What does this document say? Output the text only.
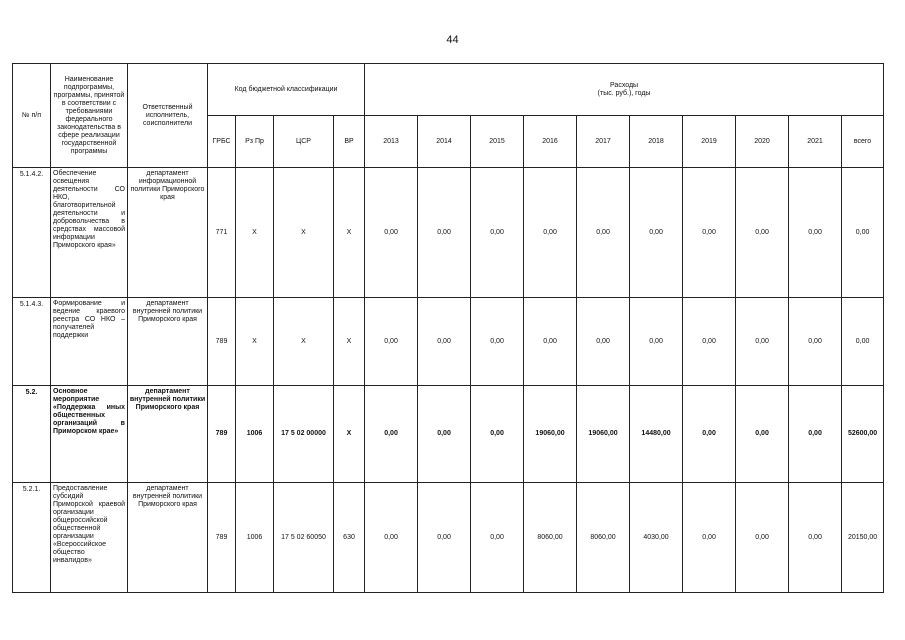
44
№ п/п	Наименование подпрограммы, программы, принятой в соответствии с требованиями федерального законодательства в сфере реализации государственной программы	Ответственный исполнитель, соисполнители	Код бюджетной классификации				Расходы
(тыс. руб.), годы									
			ГРБС	Рз Пр	ЦСР	ВР	2013	2014	2015	2016	2017	2018	2019	2020	2021	всего
5.1.4.2.	Обеспечение освещения деятельности СО НКО, благотворительной деятельности и добровольчества в средствах массовой информации Приморского края»	департамент информационной политики Приморского края	771	X	X	X	0,00	0,00	0,00	0,00	0,00	0,00	0,00	0,00	0,00	0,00
5.1.4.3.	Формирование и ведение краевого реестра СО НКО – получателей поддержки	департамент внутренней политики Приморского края	789	X	X	X	0,00	0,00	0,00	0,00	0,00	0,00	0,00	0,00	0,00	0,00
5.2.	Основное мероприятие «Поддержка иных общественных организаций в Приморском крае»	департамент внутренней политики Приморского края	789	1006	17 5 02 00000	X	0,00	0,00	0,00	19060,00	19060,00	14480,00	0,00	0,00	0,00	52600,00
5.2.1.	Предоставление субсидий Приморской краевой организации общероссийской общественной организации «Всероссийское общество инвалидов»	департамент внутренней политики Приморского края	789	1006	17 5 02 60050	630	0,00	0,00	0,00	8060,00	8060,00	4030,00	0,00	0,00	0,00	20150,00
